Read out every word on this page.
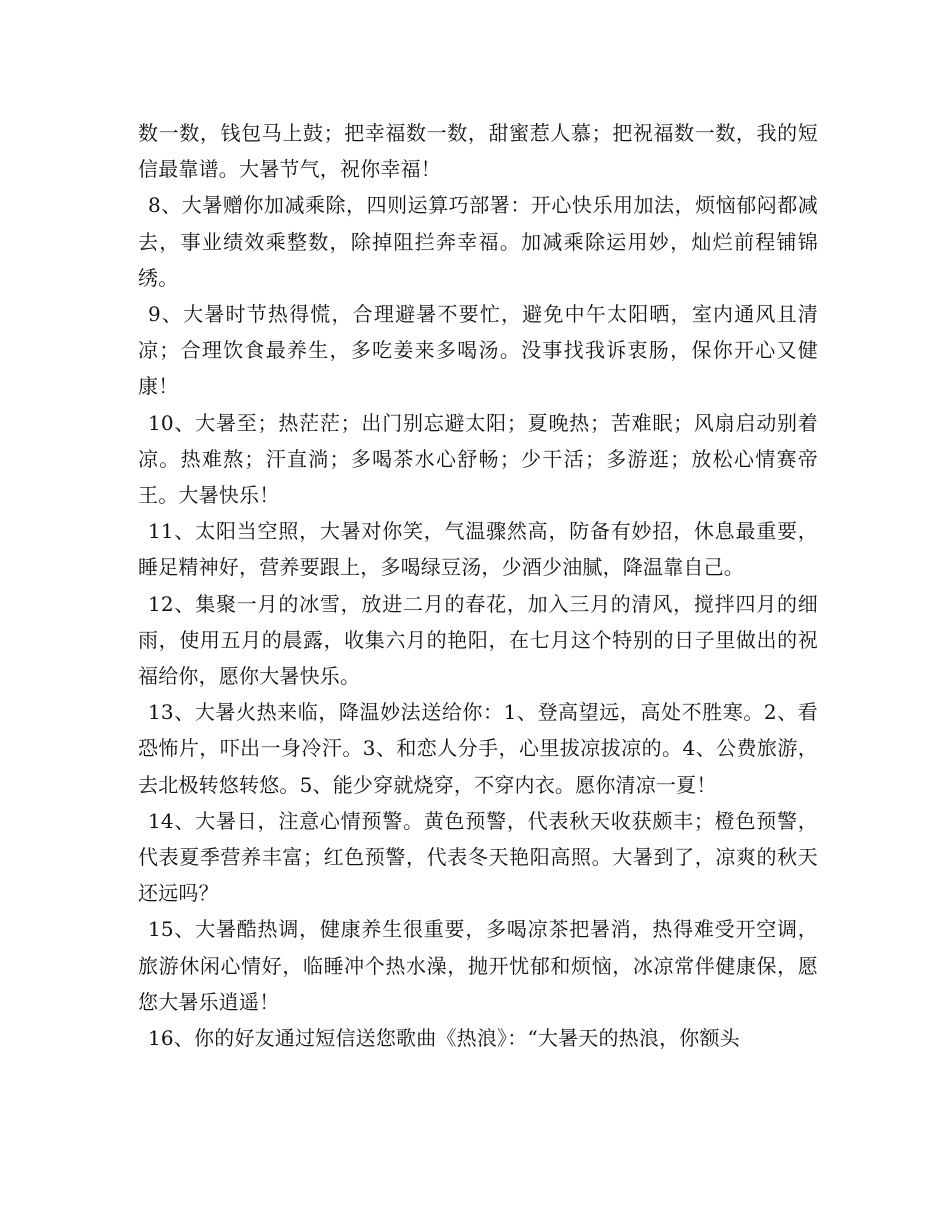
数一数，钱包马上鼓；把幸福数一数，甜蜜惹人慕；把祝福数一数，我的短信最靠谱。大暑节气，祝你幸福！

8、大暑赠你加减乘除，四则运算巧部署：开心快乐用加法，烦恼郁闷都减去，事业绩效乘整数，除掉阻拦奔幸福。加减乘除运用妙，灿烂前程铺锦绣。

9、大暑时节热得慌，合理避暑不要忙，避免中午太阳晒，室内通风且清凉；合理饮食最养生，多吃姜来多喝汤。没事找我诉衷肠，保你开心又健康！

10、大暑至；热茫茫；出门别忘避太阳；夏晚热；苦难眠；风扇启动别着凉。热难熬；汗直淌；多喝茶水心舒畅；少干活；多游逛；放松心情赛帝王。大暑快乐！

11、太阳当空照，大暑对你笑，气温骤然高，防备有妙招，休息最重要，睡足精神好，营养要跟上，多喝绿豆汤，少酒少油腻，降温靠自己。

12、集聚一月的冰雪，放进二月的春花，加入三月的清风，搅拌四月的细雨，使用五月的晨露，收集六月的艳阳，在七月这个特别的日子里做出的祝福给你，愿你大暑快乐。

13、大暑火热来临，降温妙法送给你：1、登高望远，高处不胜寒。2、看恐怖片，吓出一身冷汗。3、和恋人分手，心里拔凉拔凉的。4、公费旅游，去北极转悠转悠。5、能少穿就烧穿，不穿内衣。愿你清凉一夏！

14、大暑日，注意心情预警。黄色预警，代表秋天收获颇丰；橙色预警，代表夏季营养丰富；红色预警，代表冬天艳阳高照。大暑到了，凉爽的秋天还远吗？

15、大暑酷热调，健康养生很重要，多喝凉茶把暑消，热得难受开空调，旅游休闲心情好，临睡冲个热水澡，抛开忧郁和烦恼，冰凉常伴健康保，愿您大暑乐逍遥！

16、你的好友通过短信送您歌曲《热浪》：“大暑天的热浪，你额头
